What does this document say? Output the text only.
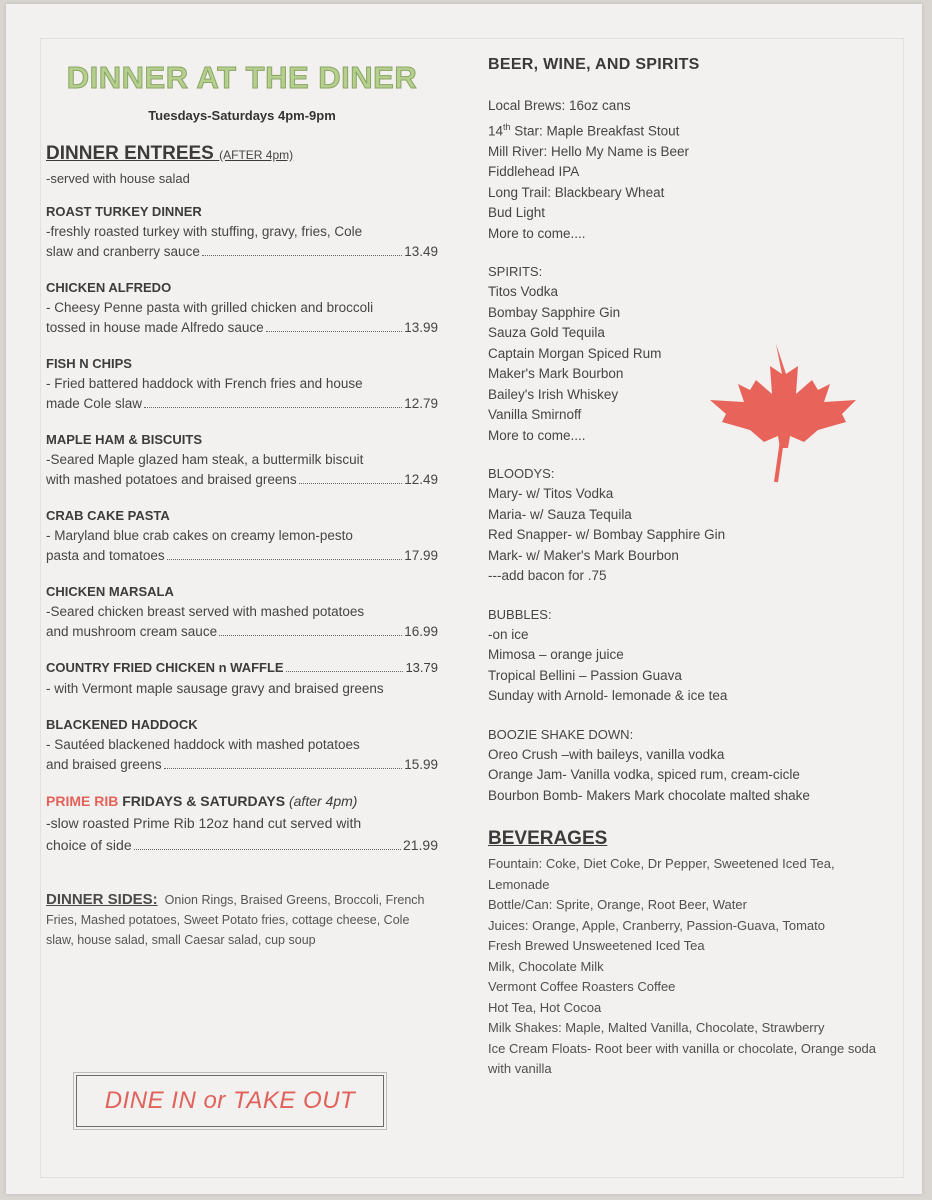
DINNER AT THE DINER
Tuesdays-Saturdays 4pm-9pm
DINNER ENTREES (AFTER 4pm)
-served with house salad
ROAST TURKEY DINNER
-freshly roasted turkey with stuffing, gravy, fries, Cole
slaw and cranberry sauce	13.49
CHICKEN ALFREDO
- Cheesy Penne pasta with grilled chicken and broccoli
tossed in house made Alfredo sauce	13.99
FISH N CHIPS
- Fried battered haddock with French fries and house
made Cole slaw	12.79
MAPLE HAM & BISCUITS
-Seared Maple glazed ham steak, a buttermilk biscuit
with mashed potatoes and braised greens	12.49
CRAB CAKE PASTA
- Maryland blue crab cakes on creamy lemon-pesto
pasta and tomatoes	17.99
CHICKEN MARSALA
-Seared chicken breast served with mashed potatoes
and mushroom cream sauce	16.99
COUNTRY FRIED CHICKEN n WAFFLE	13.79
- with Vermont maple sausage gravy and braised greens
BLACKENED HADDOCK
- Sautéed blackened haddock with mashed potatoes
and braised greens	15.99
PRIME RIB FRIDAYS & SATURDAYS (after 4pm)
-slow roasted Prime Rib 12oz hand cut served with
choice of side	21.99
DINNER SIDES: Onion Rings, Braised Greens, Broccoli, French Fries, Mashed potatoes, Sweet Potato fries, cottage cheese, Cole slaw, house salad, small Caesar salad, cup soup
DINE IN or TAKE OUT
BEER, WINE, AND SPIRITS
Local Brews: 16oz cans
14th Star: Maple Breakfast Stout
Mill River: Hello My Name is Beer
Fiddlehead IPA
Long Trail: Blackbeary Wheat
Bud Light
More to come....
SPIRITS:
Titos Vodka
Bombay Sapphire Gin
Sauza Gold Tequila
Captain Morgan Spiced Rum
Maker's Mark Bourbon
Bailey's Irish Whiskey
Vanilla Smirnoff
More to come....
BLOODYS:
Mary- w/ Titos Vodka
Maria- w/ Sauza Tequila
Red Snapper- w/ Bombay Sapphire Gin
Mark- w/ Maker's Mark Bourbon
---add bacon for .75
BUBBLES:
-on ice
Mimosa – orange juice
Tropical Bellini – Passion Guava
Sunday with Arnold- lemonade & ice tea
BOOZIE SHAKE DOWN:
Oreo Crush –with baileys, vanilla vodka
Orange Jam- Vanilla vodka, spiced rum, cream-cicle
Bourbon Bomb- Makers Mark chocolate malted shake
BEVERAGES
Fountain: Coke, Diet Coke, Dr Pepper, Sweetened Iced Tea, Lemonade
Bottle/Can: Sprite, Orange, Root Beer, Water
Juices: Orange, Apple, Cranberry, Passion-Guava, Tomato
Fresh Brewed Unsweetened Iced Tea
Milk, Chocolate Milk
Vermont Coffee Roasters Coffee
Hot Tea, Hot Cocoa
Milk Shakes: Maple, Malted Vanilla, Chocolate, Strawberry
Ice Cream Floats- Root beer with vanilla or chocolate, Orange soda with vanilla
